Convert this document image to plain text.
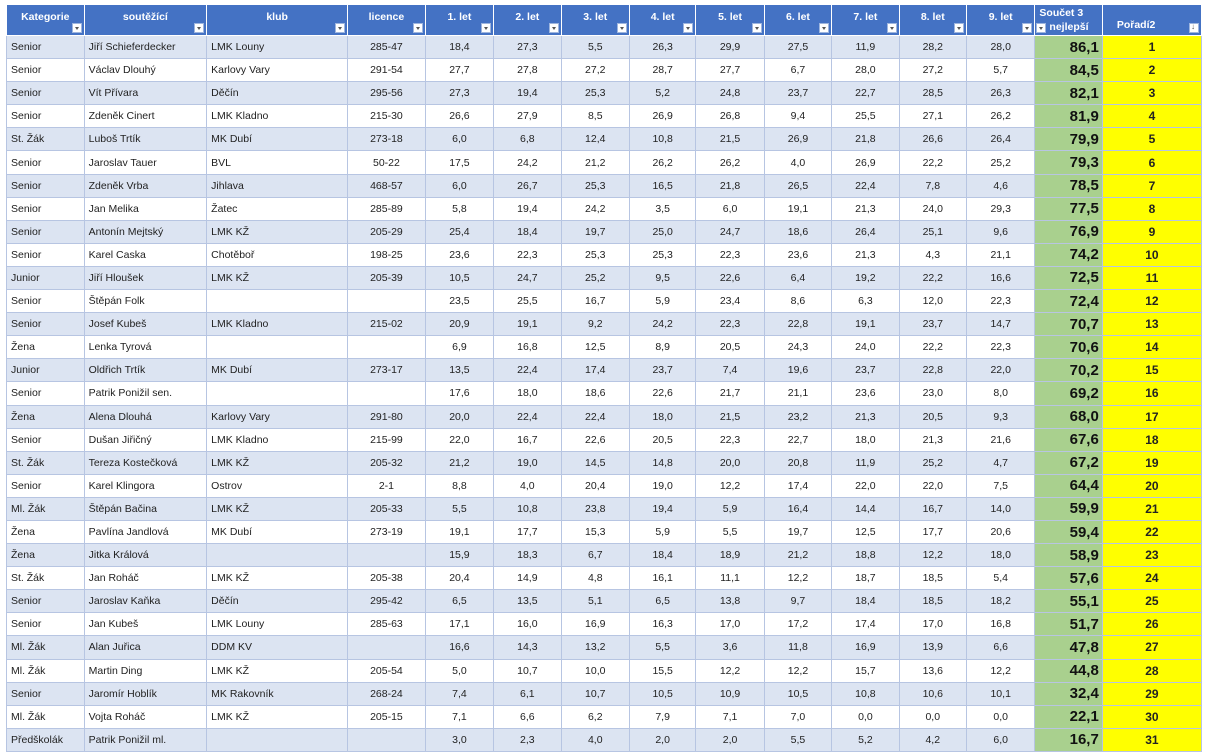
Kategorie	soutěžící	klub	licence	1. let	2. let	3. let	4. let	5. let	6. let	7. let	8. let	9. let	Součet 3
nejlepší	Pořadí2
↓

Senior	Jiří Schieferdecker	LMK Louny	285-47	18,4	27,3	5,5	26,3	29,9	27,5	11,9	28,2	28,0	86,1	1
Senior	Václav Dlouhý	Karlovy Vary	291-54	27,7	27,8	27,2	28,7	27,7	6,7	28,0	27,2	5,7	84,5	2
Senior	Vít Přívara	Děčín	295-56	27,3	19,4	25,3	5,2	24,8	23,7	22,7	28,5	26,3	82,1	3
Senior	Zdeněk Cinert	LMK Kladno	215-30	26,6	27,9	8,5	26,9	26,8	9,4	25,5	27,1	26,2	81,9	4
St. Žák	Luboš Trtík	MK Dubí	273-18	6,0	6,8	12,4	10,8	21,5	26,9	21,8	26,6	26,4	79,9	5
Senior	Jaroslav Tauer	BVL	50-22	17,5	24,2	21,2	26,2	26,2	4,0	26,9	22,2	25,2	79,3	6
Senior	Zdeněk Vrba	Jihlava	468-57	6,0	26,7	25,3	16,5	21,8	26,5	22,4	7,8	4,6	78,5	7
Senior	Jan Melika	Žatec	285-89	5,8	19,4	24,2	3,5	6,0	19,1	21,3	24,0	29,3	77,5	8
Senior	Antonín Mejtský	LMK KŽ	205-29	25,4	18,4	19,7	25,0	24,7	18,6	26,4	25,1	9,6	76,9	9
Senior	Karel Caska	Chotěboř	198-25	23,6	22,3	25,3	25,3	22,3	23,6	21,3	4,3	21,1	74,2	10
Junior	Jiří Hloušek	LMK KŽ	205-39	10,5	24,7	25,2	9,5	22,6	6,4	19,2	22,2	16,6	72,5	11
Senior	Štěpán Folk			23,5	25,5	16,7	5,9	23,4	8,6	6,3	12,0	22,3	72,4	12
Senior	Josef Kubeš	LMK Kladno	215-02	20,9	19,1	9,2	24,2	22,3	22,8	19,1	23,7	14,7	70,7	13
Žena	Lenka Tyrová			6,9	16,8	12,5	8,9	20,5	24,3	24,0	22,2	22,3	70,6	14
Junior	Oldřich Trtík	MK Dubí	273-17	13,5	22,4	17,4	23,7	7,4	19,6	23,7	22,8	22,0	70,2	15
Senior	Patrik Ponižil sen.			17,6	18,0	18,6	22,6	21,7	21,1	23,6	23,0	8,0	69,2	16
Žena	Alena Dlouhá	Karlovy Vary	291-80	20,0	22,4	22,4	18,0	21,5	23,2	21,3	20,5	9,3	68,0	17
Senior	Dušan Jiřičný	LMK Kladno	215-99	22,0	16,7	22,6	20,5	22,3	22,7	18,0	21,3	21,6	67,6	18
St. Žák	Tereza Kostečková	LMK KŽ	205-32	21,2	19,0	14,5	14,8	20,0	20,8	11,9	25,2	4,7	67,2	19
Senior	Karel Klingora	Ostrov	2-1	8,8	4,0	20,4	19,0	12,2	17,4	22,0	22,0	7,5	64,4	20
Ml. Žák	Štěpán Bačina	LMK KŽ	205-33	5,5	10,8	23,8	19,4	5,9	16,4	14,4	16,7	14,0	59,9	21
Žena	Pavlína Jandlová	MK Dubí	273-19	19,1	17,7	15,3	5,9	5,5	19,7	12,5	17,7	20,6	59,4	22
Žena	Jitka Králová			15,9	18,3	6,7	18,4	18,9	21,2	18,8	12,2	18,0	58,9	23
St. Žák	Jan Roháč	LMK KŽ	205-38	20,4	14,9	4,8	16,1	11,1	12,2	18,7	18,5	5,4	57,6	24
Senior	Jaroslav Kaňka	Děčín	295-42	6,5	13,5	5,1	6,5	13,8	9,7	18,4	18,5	18,2	55,1	25
Senior	Jan Kubeš	LMK Louny	285-63	17,1	16,0	16,9	16,3	17,0	17,2	17,4	17,0	16,8	51,7	26
Ml. Žák	Alan Juřica	DDM KV		16,6	14,3	13,2	5,5	3,6	11,8	16,9	13,9	6,6	47,8	27
Ml. Žák	Martin Ding	LMK KŽ	205-54	5,0	10,7	10,0	15,5	12,2	12,2	15,7	13,6	12,2	44,8	28
Senior	Jaromír Hoblík	MK Rakovník	268-24	7,4	6,1	10,7	10,5	10,9	10,5	10,8	10,6	10,1	32,4	29
Ml. Žák	Vojta Roháč	LMK KŽ	205-15	7,1	6,6	6,2	7,9	7,1	7,0	0,0	0,0	0,0	22,1	30
Předškolák	Patrik Ponižil ml.			3,0	2,3	4,0	2,0	2,0	5,5	5,2	4,2	6,0	16,7	31
